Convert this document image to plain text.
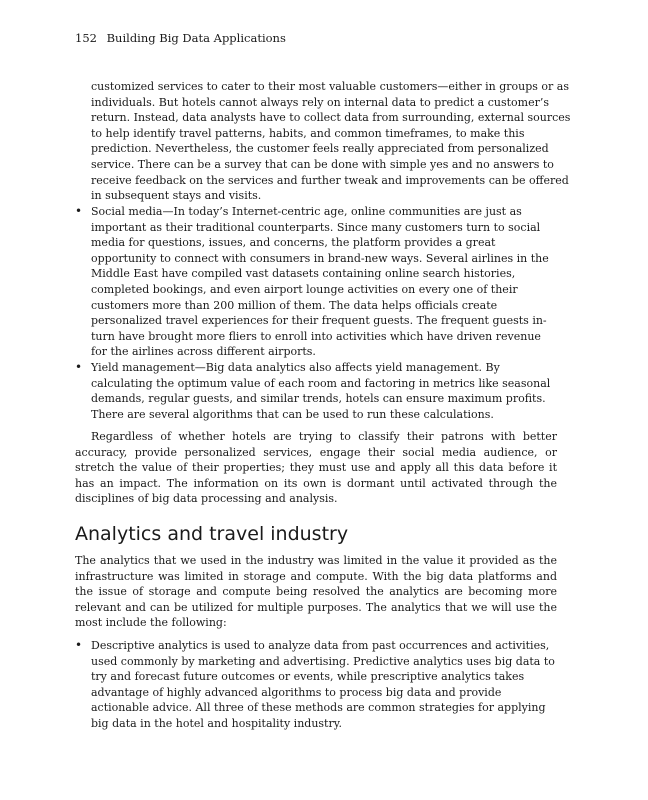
152 Building Big Data Applications
customized services to cater to their most valuable customers—either in groups or as individuals. But hotels cannot always rely on internal data to predict a customer’s return. Instead, data analysts have to collect data from surrounding, external sources to help identify travel patterns, habits, and common timeframes, to make this prediction. Nevertheless, the customer feels really appreciated from personalized service. There can be a survey that can be done with simple yes and no answers to receive feedback on the services and further tweak and improvements can be offered in subsequent stays and visits.
• Social media—In today’s Internet-centric age, online communities are just as important as their traditional counterparts. Since many customers turn to social media for questions, issues, and concerns, the platform provides a great opportunity to connect with consumers in brand-new ways. Several airlines in the Middle East have compiled vast datasets containing online search histories, completed bookings, and even airport lounge activities on every one of their customers more than 200 million of them. The data helps officials create personalized travel experiences for their frequent guests. The frequent guests in-turn have brought more fliers to enroll into activities which have driven revenue for the airlines across different airports.
• Yield management—Big data analytics also affects yield management. By calculating the optimum value of each room and factoring in metrics like seasonal demands, regular guests, and similar trends, hotels can ensure maximum profits. There are several algorithms that can be used to run these calculations.
Regardless of whether hotels are trying to classify their patrons with better accuracy, provide personalized services, engage their social media audience, or stretch the value of their properties; they must use and apply all this data before it has an impact. The information on its own is dormant until activated through the disciplines of big data processing and analysis.
Analytics and travel industry
The analytics that we used in the industry was limited in the value it provided as the infrastructure was limited in storage and compute. With the big data platforms and the issue of storage and compute being resolved the analytics are becoming more relevant and can be utilized for multiple purposes. The analytics that we will use the most include the following:
• Descriptive analytics is used to analyze data from past occurrences and activities, used commonly by marketing and advertising. Predictive analytics uses big data to try and forecast future outcomes or events, while prescriptive analytics takes advantage of highly advanced algorithms to process big data and provide actionable advice. All three of these methods are common strategies for applying big data in the hotel and hospitality industry.
